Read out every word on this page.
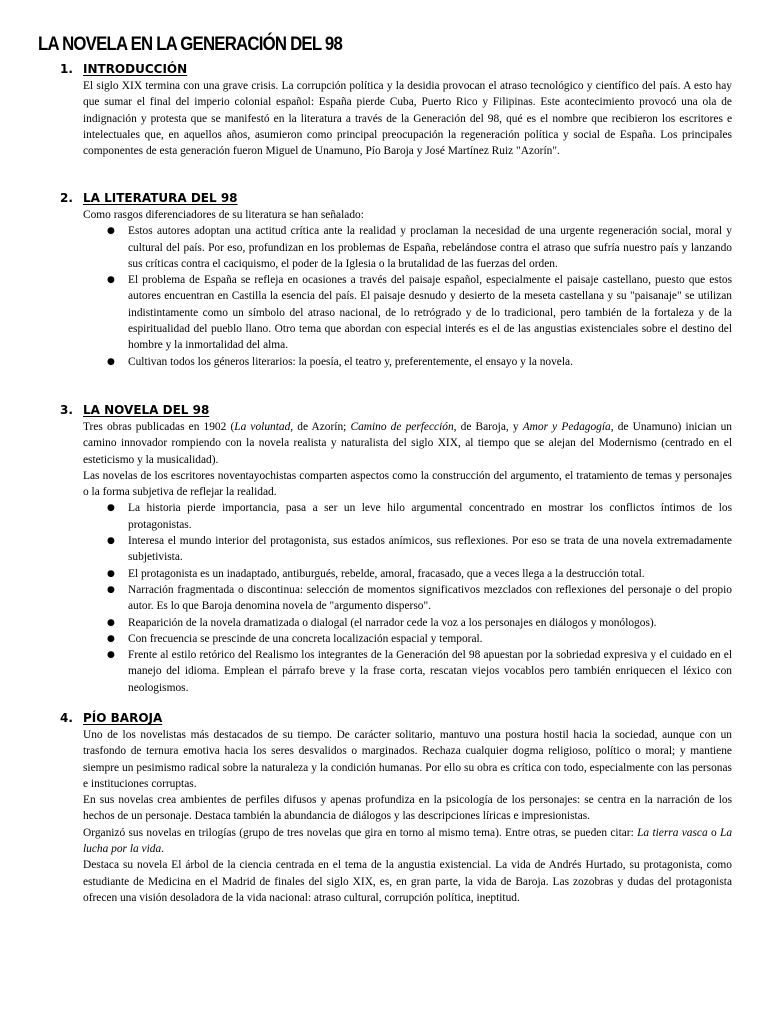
LA NOVELA EN LA GENERACIÓN DEL 98
1. INTRODUCCIÓN

El siglo XIX termina con una grave crisis. La corrupción política y la desidia provocan el atraso tecnológico y científico del país. A esto hay que sumar el final del imperio colonial español: España pierde Cuba, Puerto Rico y Filipinas. Este acontecimiento provocó una ola de indignación y protesta que se manifestó en la literatura a través de la Generación del 98, qué es el nombre que recibieron los escritores e intelectuales que, en aquellos años, asumieron como principal preocupación la regeneración política y social de España. Los principales componentes de esta generación fueron Miguel de Unamuno, Pío Baroja y José Martínez Ruiz "Azorín".

2. LA LITERATURA DEL 98

Como rasgos diferenciadores de su literatura se han señalado:

● Estos autores adoptan una actitud crítica ante la realidad y proclaman la necesidad de una urgente regeneración social, moral y cultural del país. Por eso, profundizan en los problemas de España, rebelándose contra el atraso que sufría nuestro país y lanzando sus críticas contra el caciquismo, el poder de la Iglesia o la brutalidad de las fuerzas del orden.
● El problema de España se refleja en ocasiones a través del paisaje español, especialmente el paisaje castellano, puesto que estos autores encuentran en Castilla la esencia del país. El paisaje desnudo y desierto de la meseta castellana y su "paisanaje" se utilizan indistintamente como un símbolo del atraso nacional, de lo retrógrado y de lo tradicional, pero también de la fortaleza y de la espiritualidad del pueblo llano. Otro tema que abordan con especial interés es el de las angustias existenciales sobre el destino del hombre y la inmortalidad del alma.
● Cultivan todos los géneros literarios: la poesía, el teatro y, preferentemente, el ensayo y la novela.
3. LA NOVELA DEL 98

Tres obras publicadas en 1902 (La voluntad, de Azorín; Camino de perfección, de Baroja, y Amor y Pedagogía, de Unamuno) inician un camino innovador rompiendo con la novela realista y naturalista del siglo XIX, al tiempo que se alejan del Modernismo (centrado en el esteticismo y la musicalidad).

Las novelas de los escritores noventayochistas comparten aspectos como la construcción del argumento, el tratamiento de temas y personajes o la forma subjetiva de reflejar la realidad.

● La historia pierde importancia, pasa a ser un leve hilo argumental concentrado en mostrar los conflictos íntimos de los protagonistas.
● Interesa el mundo interior del protagonista, sus estados anímicos, sus reflexiones. Por eso se trata de una novela extremadamente subjetivista.
● El protagonista es un inadaptado, antiburgués, rebelde, amoral, fracasado, que a veces llega a la destrucción total.
● Narración fragmentada o discontinua: selección de momentos significativos mezclados con reflexiones del personaje o del propio autor. Es lo que Baroja denomina novela de "argumento disperso".
● Reaparición de la novela dramatizada o dialogal (el narrador cede la voz a los personajes en diálogos y monólogos).
● Con frecuencia se prescinde de una concreta localización espacial y temporal.
● Frente al estilo retórico del Realismo los integrantes de la Generación del 98 apuestan por la sobriedad expresiva y el cuidado en el manejo del idioma. Emplean el párrafo breve y la frase corta, rescatan viejos vocablos pero también enriquecen el léxico con neologismos.
4. PÍO BAROJA

Uno de los novelistas más destacados de su tiempo. De carácter solitario, mantuvo una postura hostil hacia la sociedad, aunque con un trasfondo de ternura emotiva hacia los seres desvalidos o marginados. Rechaza cualquier dogma religioso, político o moral; y mantiene siempre un pesimismo radical sobre la naturaleza y la condición humanas. Por ello su obra es crítica con todo, especialmente con las personas e instituciones corruptas.

En sus novelas crea ambientes de perfiles difusos y apenas profundiza en la psicología de los personajes: se centra en la narración de los hechos de un personaje. Destaca también la abundancia de diálogos y las descripciones líricas e impresionistas.

Organizó sus novelas en trilogías (grupo de tres novelas que gira en torno al mismo tema). Entre otras, se pueden citar: La tierra vasca o La lucha por la vida.

Destaca su novela El árbol de la ciencia centrada en el tema de la angustia existencial. La vida de Andrés Hurtado, su protagonista, como estudiante de Medicina en el Madrid de finales del siglo XIX, es, en gran parte, la vida de Baroja. Las zozobras y dudas del protagonista ofrecen una visión desoladora de la vida nacional: atraso cultural, corrupción política, ineptitud.
